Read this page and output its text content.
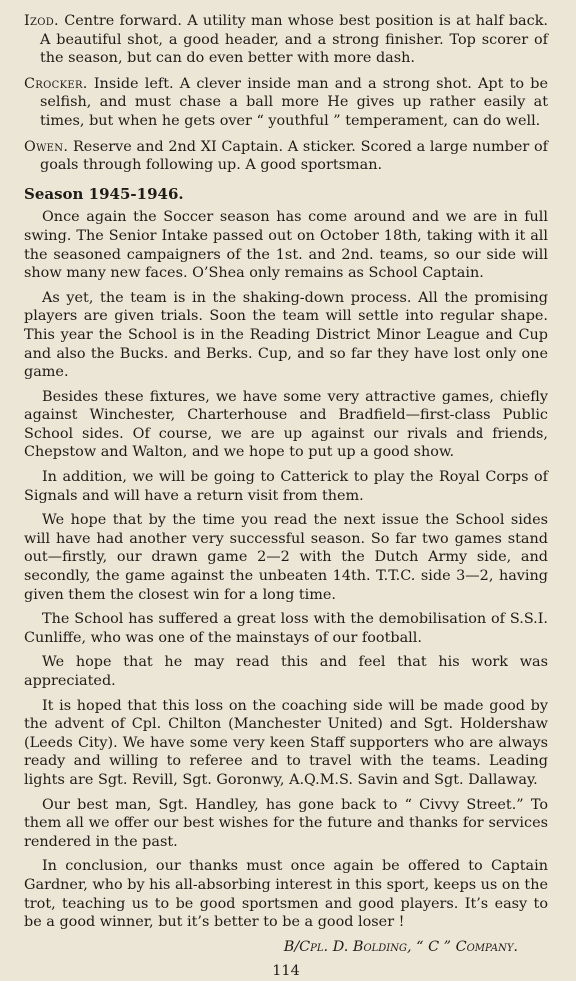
Izod. Centre forward. A utility man whose best position is at half back. A beautiful shot, a good header, and a strong finisher. Top scorer of the season, but can do even better with more dash.

Crocker. Inside left. A clever inside man and a strong shot. Apt to be selfish, and must chase a ball more He gives up rather easily at times, but when he gets over “ youthful ” temperament, can do well.

Owen. Reserve and 2nd XI Captain. A sticker. Scored a large number of goals through following up. A good sportsman.

Season 1945-1946.

Once again the Soccer season has come around and we are in full swing. The Senior Intake passed out on October 18th, taking with it all the seasoned campaigners of the 1st. and 2nd. teams, so our side will show many new faces. O’Shea only remains as School Captain.

As yet, the team is in the shaking-down process. All the promising players are given trials. Soon the team will settle into regular shape. This year the School is in the Reading District Minor League and Cup and also the Bucks. and Berks. Cup, and so far they have lost only one game.

Besides these fixtures, we have some very attractive games, chiefly against Winchester, Charterhouse and Bradfield—first-class Public School sides. Of course, we are up against our rivals and friends, Chepstow and Walton, and we hope to put up a good show.

In addition, we will be going to Catterick to play the Royal Corps of Signals and will have a return visit from them.

We hope that by the time you read the next issue the School sides will have had another very successful season. So far two games stand out—firstly, our drawn game 2—2 with the Dutch Army side, and secondly, the game against the unbeaten 14th. T.T.C. side 3—2, having given them the closest win for a long time.

The School has suffered a great loss with the demobilisation of S.S.I. Cunliffe, who was one of the mainstays of our football.

We hope that he may read this and feel that his work was appreciated.

It is hoped that this loss on the coaching side will be made good by the advent of Cpl. Chilton (Manchester United) and Sgt. Holdershaw (Leeds City). We have some very keen Staff supporters who are always ready and willing to referee and to travel with the teams. Leading lights are Sgt. Revill, Sgt. Goronwy, A.Q.M.S. Savin and Sgt. Dallaway.

Our best man, Sgt. Handley, has gone back to “ Civvy Street.” To them all we offer our best wishes for the future and thanks for services rendered in the past.

In conclusion, our thanks must once again be offered to Captain Gardner, who by his all-absorbing interest in this sport, keeps us on the trot, teaching us to be good sportsmen and good players. It’s easy to be a good winner, but it’s better to be a good loser !

B/Cpl. D. Bolding, “ C ” Company.
114
